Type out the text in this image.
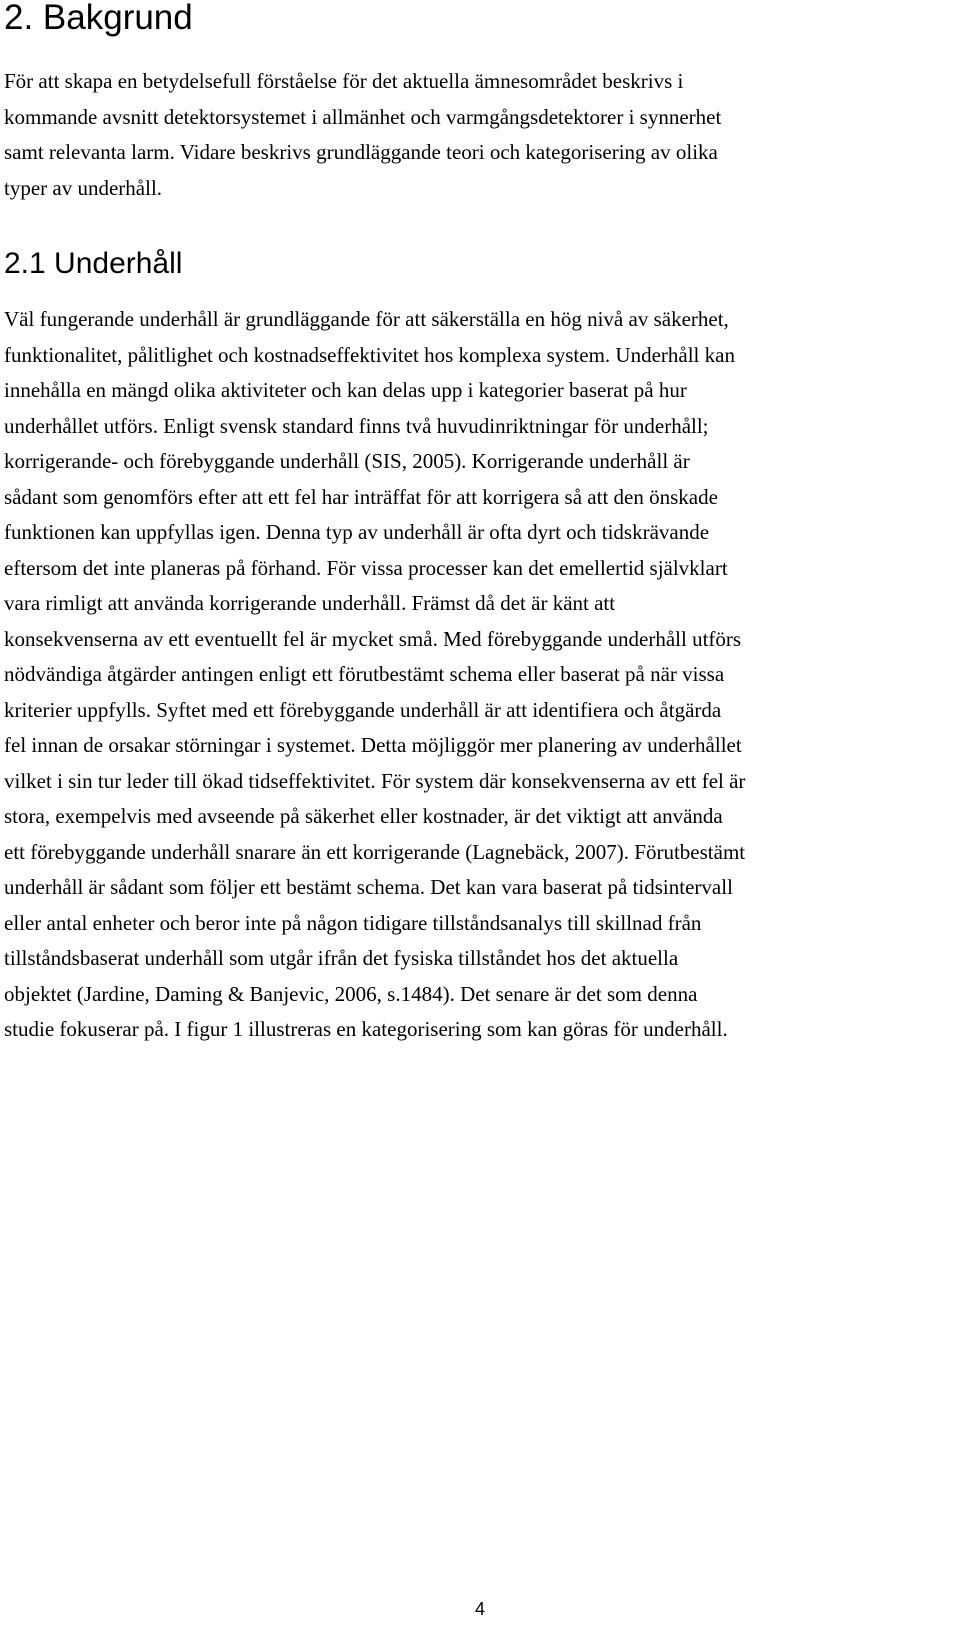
2. Bakgrund

För att skapa en betydelsefull förståelse för det aktuella ämnesområdet beskrivs i
kommande avsnitt detektorsystemet i allmänhet och varmgångsdetektorer i synnerhet
samt relevanta larm. Vidare beskrivs grundläggande teori och kategorisering av olika
typer av underhåll.

2.1 Underhåll

Väl fungerande underhåll är grundläggande för att säkerställa en hög nivå av säkerhet,
funktionalitet, pålitlighet och kostnadseffektivitet hos komplexa system. Underhåll kan
innehålla en mängd olika aktiviteter och kan delas upp i kategorier baserat på hur
underhållet utförs. Enligt svensk standard finns två huvudinriktningar för underhåll;
korrigerande- och förebyggande underhåll (SIS, 2005). Korrigerande underhåll är
sådant som genomförs efter att ett fel har inträffat för att korrigera så att den önskade
funktionen kan uppfyllas igen. Denna typ av underhåll är ofta dyrt och tidskrävande
eftersom det inte planeras på förhand. För vissa processer kan det emellertid självklart
vara rimligt att använda korrigerande underhåll. Främst då det är känt att
konsekvenserna av ett eventuellt fel är mycket små. Med förebyggande underhåll utförs
nödvändiga åtgärder antingen enligt ett förutbestämt schema eller baserat på när vissa
kriterier uppfylls. Syftet med ett förebyggande underhåll är att identifiera och åtgärda
fel innan de orsakar störningar i systemet. Detta möjliggör mer planering av underhållet
vilket i sin tur leder till ökad tidseffektivitet. För system där konsekvenserna av ett fel är
stora, exempelvis med avseende på säkerhet eller kostnader, är det viktigt att använda
ett förebyggande underhåll snarare än ett korrigerande (Lagnebäck, 2007). Förutbestämt
underhåll är sådant som följer ett bestämt schema. Det kan vara baserat på tidsintervall
eller antal enheter och beror inte på någon tidigare tillståndsanalys till skillnad från
tillståndsbaserat underhåll som utgår ifrån det fysiska tillståndet hos det aktuella
objektet (Jardine, Daming & Banjevic, 2006, s.1484). Det senare är det som denna
studie fokuserar på. I figur 1 illustreras en kategorisering som kan göras för underhåll.

4
